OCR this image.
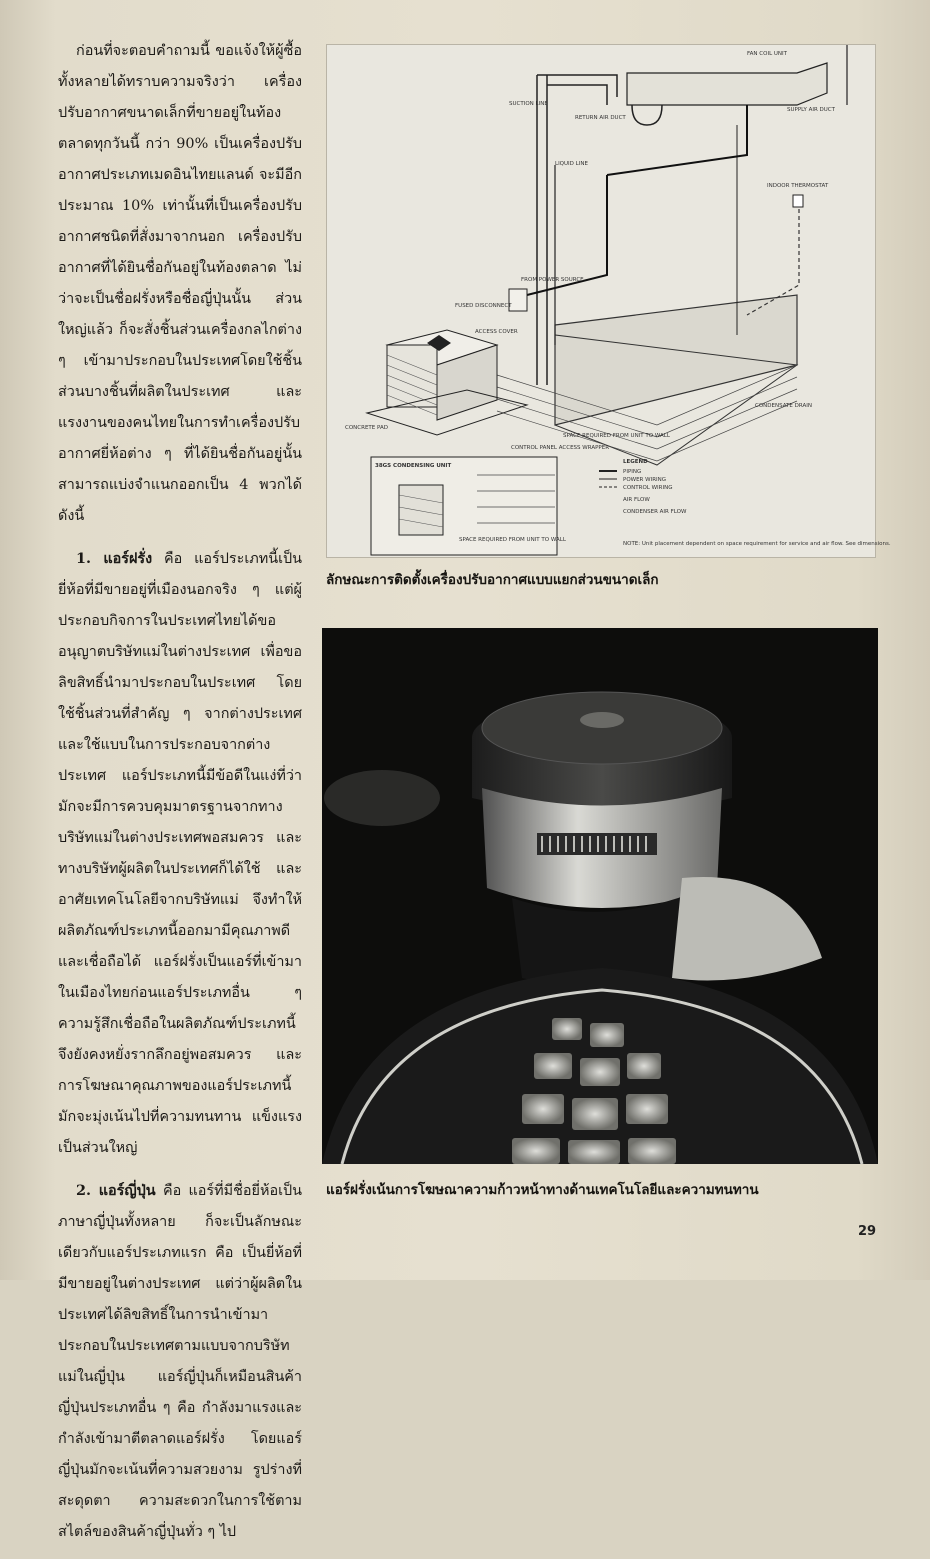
ก่อนที่จะตอบคำถามนี้ ขอแจ้งให้ผู้ซื้อทั้งหลายได้ทราบความจริงว่า เครื่องปรับอากาศขนาดเล็กที่ขายอยู่ในท้องตลาดทุกวันนี้ กว่า 90% เป็นเครื่องปรับอากาศประเภทเมดอินไทยแลนด์ จะมีอีกประมาณ 10% เท่านั้นที่เป็นเครื่องปรับอากาศชนิดที่สั่งมาจากนอก เครื่องปรับอากาศที่ได้ยินชื่อกันอยู่ในท้องตลาด ไม่ว่าจะเป็นชื่อฝรั่งหรือชื่อญี่ปุ่นนั้น ส่วนใหญ่แล้ว ก็จะสั่งชิ้นส่วนเครื่องกลไกต่าง ๆ เข้ามาประกอบในประเทศโดยใช้ชิ้นส่วนบางชิ้นที่ผลิตในประเทศ และแรงงานของคนไทยในการทำเครื่องปรับอากาศยี่ห้อต่าง ๆ ที่ได้ยินชื่อกันอยู่นั้นสามารถแบ่งจำแนกออกเป็น 4 พวกได้ดังนี้

1. แอร์ฝรั่ง คือ แอร์ประเภทนี้เป็นยี่ห้อที่มีขายอยู่ที่เมืองนอกจริง ๆ แต่ผู้ประกอบกิจการในประเทศไทยได้ขออนุญาตบริษัทแม่ในต่างประเทศ เพื่อขอลิขสิทธิ์นำมาประกอบในประเทศ โดยใช้ชิ้นส่วนที่สำคัญ ๆ จากต่างประเทศ และใช้แบบในการประกอบจากต่างประเทศ แอร์ประเภทนี้มีข้อดีในแง่ที่ว่า มักจะมีการควบคุมมาตรฐานจากทางบริษัทแม่ในต่างประเทศพอสมควร และทางบริษัทผู้ผลิตในประเทศก็ได้ใช้ และอาศัยเทคโนโลยีจากบริษัทแม่ จึงทำให้ผลิตภัณฑ์ประเภทนี้ออกมามีคุณภาพดี และเชื่อถือได้ แอร์ฝรั่งเป็นแอร์ที่เข้ามาในเมืองไทยก่อนแอร์ประเภทอื่น ๆ ความรู้สึกเชื่อถือในผลิตภัณฑ์ประเภทนี้จึงยังคงหยั่งรากลึกอยู่พอสมควร และการโฆษณาคุณภาพของแอร์ประเภทนี้มักจะมุ่งเน้นไปที่ความทนทาน แข็งแรงเป็นส่วนใหญ่

2. แอร์ญี่ปุ่น คือ แอร์ที่มีชื่อยี่ห้อเป็นภาษาญี่ปุ่นทั้งหลาย ก็จะเป็นลักษณะเดียวกับแอร์ประเภทแรก คือ เป็นยี่ห้อที่มีขายอยู่ในต่างประเทศ แต่ว่าผู้ผลิตในประเทศได้ลิขสิทธิ์ในการนำเข้ามาประกอบในประเทศตามแบบจากบริษัทแม่ในญี่ปุ่น แอร์ญี่ปุ่นก็เหมือนสินค้าญี่ปุ่นประเภทอื่น ๆ คือ กำลังมาแรงและกำลังเข้ามาตีตลาดแอร์ฝรั่ง โดยแอร์ญี่ปุ่นมักจะเน้นที่ความสวยงาม รูปร่างที่สะดุดตา ความสะดวกในการใช้ตามสไตล์ของสินค้าญี่ปุ่นทั่ว ๆ ไป

FAN COIL UNIT
SUCTION LINE
RETURN AIR DUCT
SUPPLY AIR DUCT
LIQUID LINE
INDOOR THERMOSTAT
FROM POWER SOURCE
FUSED DISCONNECT
ACCESS COVER
CONCRETE PAD
SPACE REQUIRED FROM UNIT TO WALL
CONTROL PANEL ACCESS WRAPPER
CONDENSATE DRAIN
38GS CONDENSING UNIT
SPACE REQUIRED FROM UNIT TO WALL
LEGEND
PIPING
POWER WIRING
CONTROL WIRING
AIR FLOW
CONDENSER AIR FLOW
NOTE: Unit placement dependent on space requirement for service and air flow. See dimensions.
ลักษณะการติดตั้งเครื่องปรับอากาศแบบแยกส่วนขนาดเล็ก
แอร์ฝรั่งเน้นการโฆษณาความก้าวหน้าทางด้านเทคโนโลยีและความทนทาน
29
